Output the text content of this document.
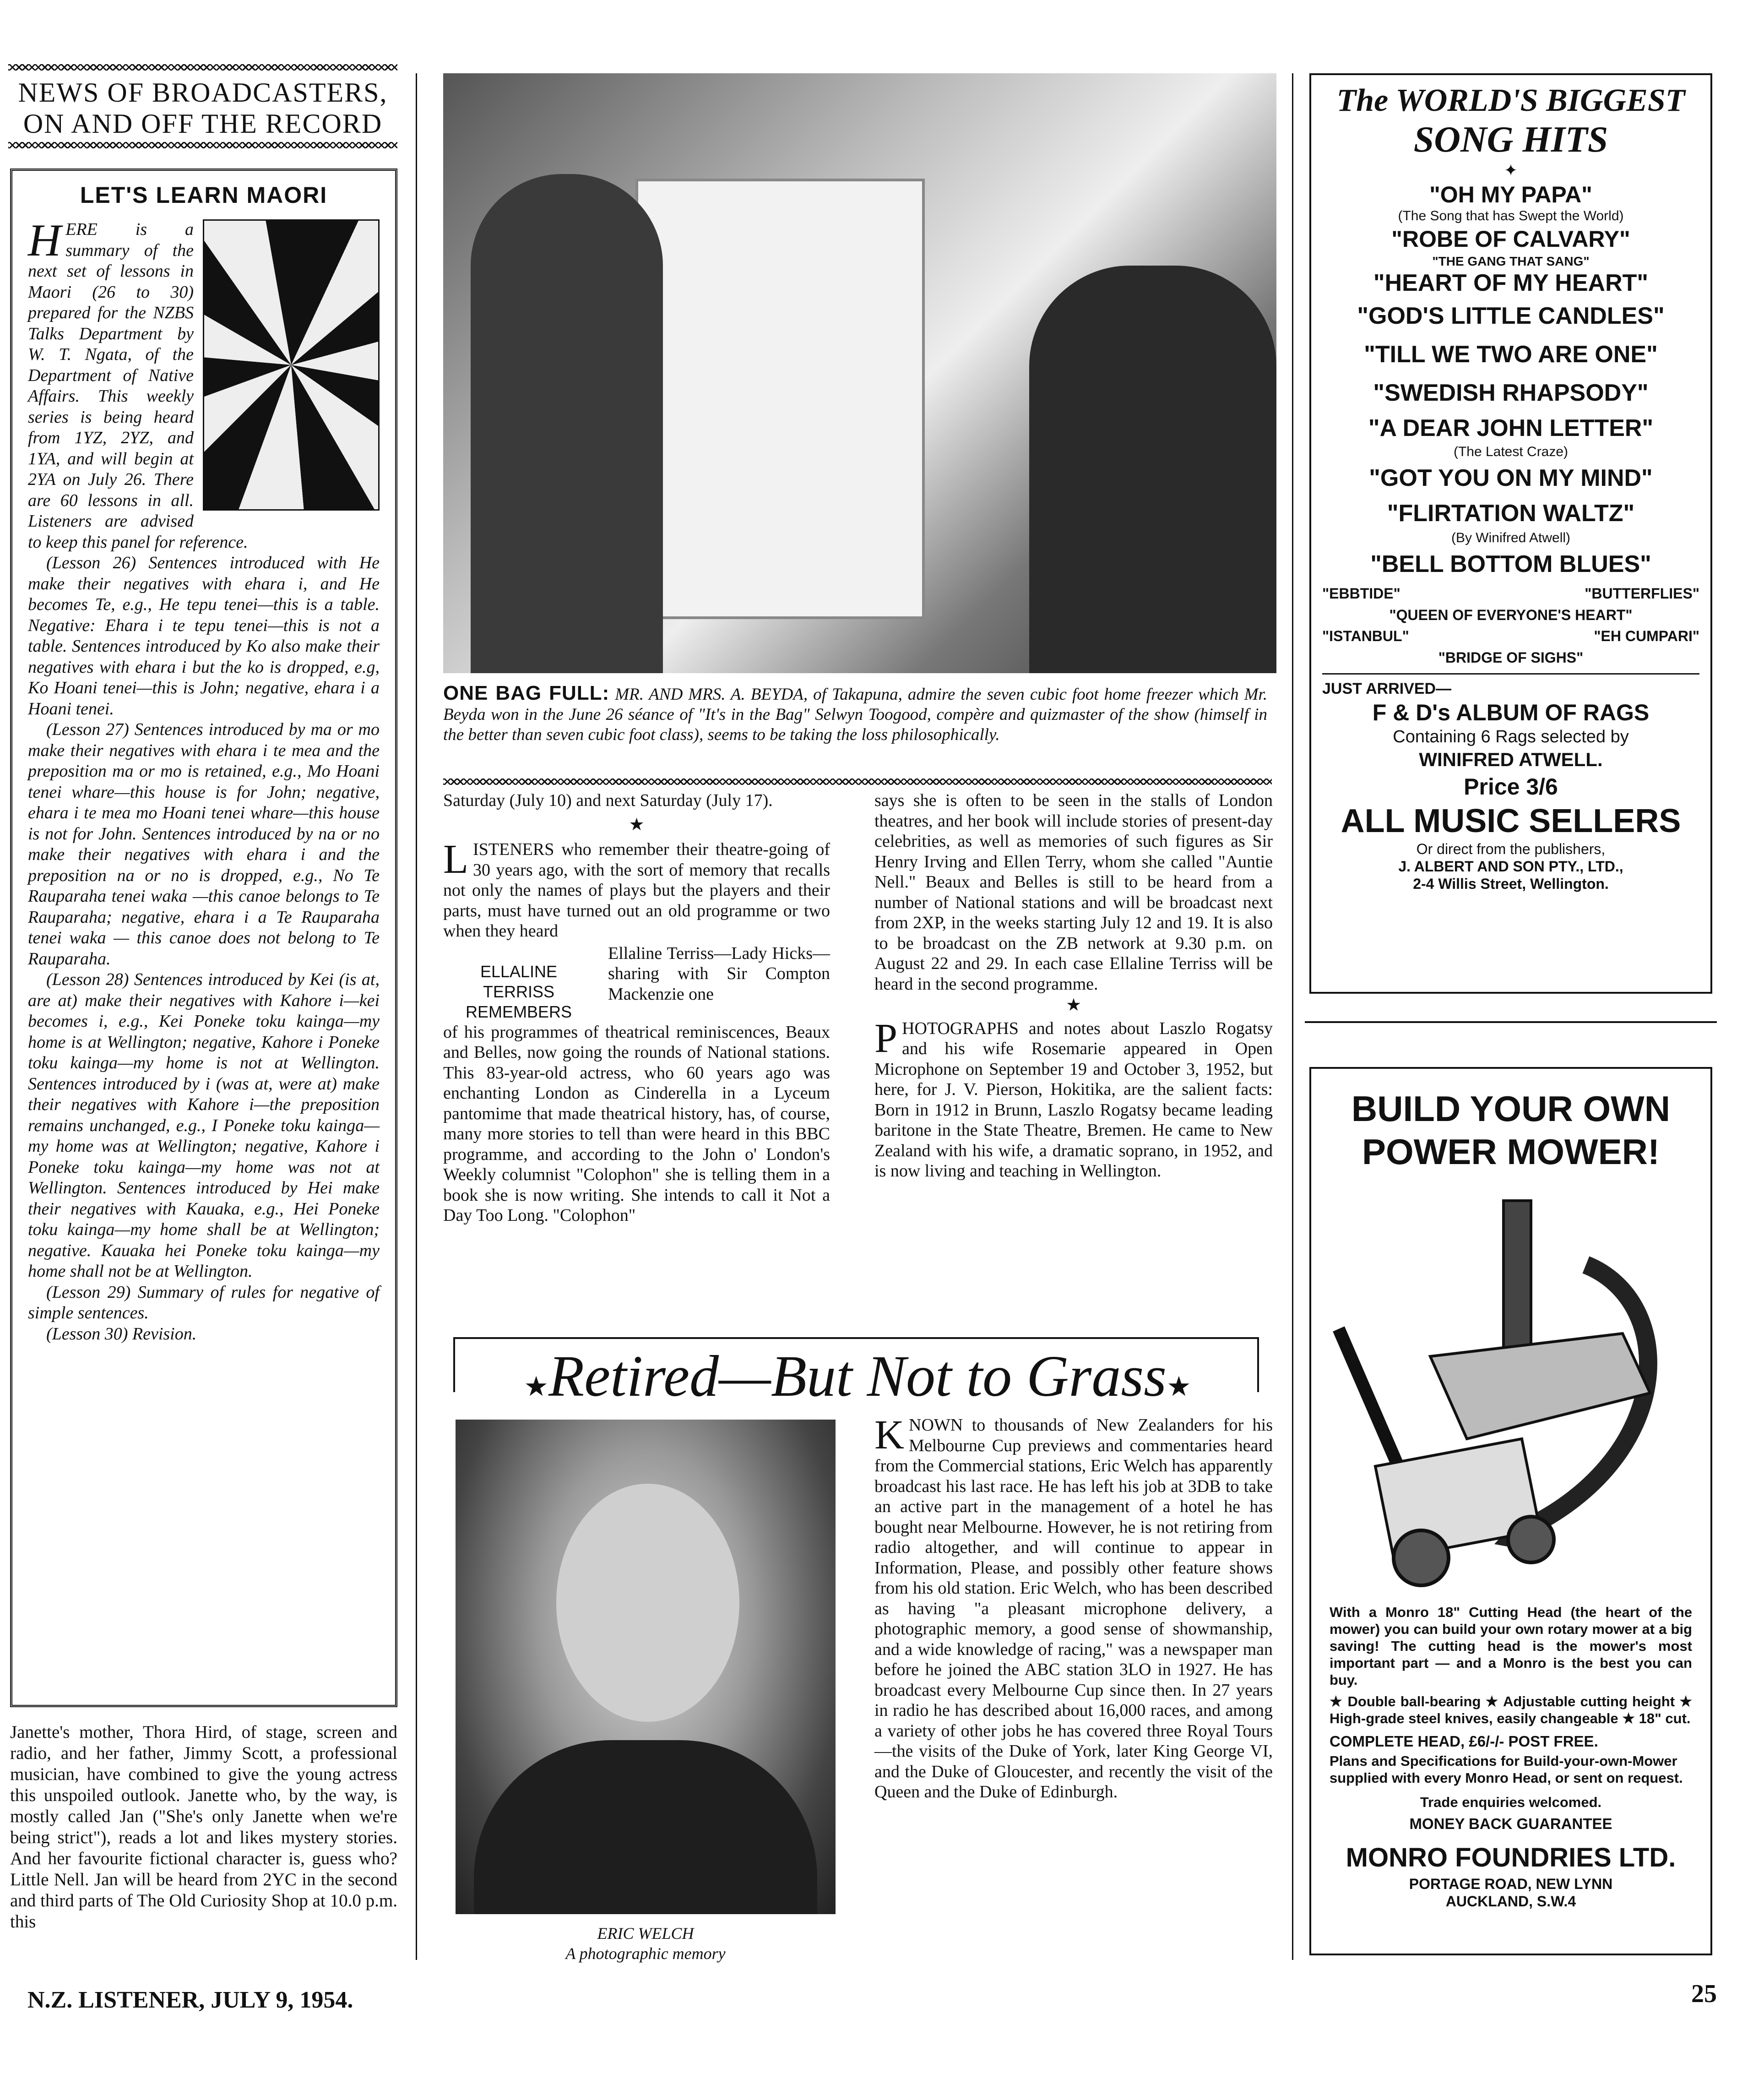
NEWS OF BROADCASTERS,
ON AND OFF THE RECORD
LET'S LEARN MAORI

HERE is a summary of the next set of lessons in Maori (26 to 30) prepared for the NZBS Talks Department by W. T. Ngata, of the Department of Native Affairs. This weekly series is being heard from 1YZ, 2YZ, and 1YA, and will begin at 2YA on July 26. There are 60 lessons in all. Listeners are advised to keep this panel for reference.

(Lesson 26) Sentences introduced with He make their negatives with ehara i, and He becomes Te, e.g., He tepu tenei—this is a table. Negative: Ehara i te tepu tenei—this is not a table. Sentences introduced by Ko also make their negatives with ehara i but the ko is dropped, e.g, Ko Hoani tenei—this is John; negative, ehara i a Hoani tenei.

(Lesson 27) Sentences introduced by ma or mo make their negatives with ehara i te mea and the preposition ma or mo is retained, e.g., Mo Hoani tenei whare—this house is for John; negative, ehara i te mea mo Hoani tenei whare—this house is not for John. Sentences introduced by na or no make their negatives with ehara i and the preposition na or no is dropped, e.g., No Te Rauparaha tenei waka —this canoe belongs to Te Rauparaha; negative, ehara i a Te Rauparaha tenei waka — this canoe does not belong to Te Rauparaha.

(Lesson 28) Sentences introduced by Kei (is at, are at) make their negatives with Kahore i—kei becomes i, e.g., Kei Poneke toku kainga—my home is at Wellington; negative, Kahore i Poneke toku kainga—my home is not at Wellington. Sentences introduced by i (was at, were at) make their negatives with Kahore i—the preposition remains unchanged, e.g., I Poneke toku kainga—my home was at Wellington; negative, Kahore i Poneke toku kainga—my home was not at Wellington. Sentences introduced by Hei make their negatives with Kauaka, e.g., Hei Poneke toku kainga—my home shall be at Wellington; negative. Kauaka hei Poneke toku kainga—my home shall not be at Wellington.

(Lesson 29) Summary of rules for negative of simple sentences.

(Lesson 30) Revision.

Janette's mother, Thora Hird, of stage, screen and radio, and her father, Jimmy Scott, a professional musician, have combined to give the young actress this unspoiled outlook. Janette who, by the way, is mostly called Jan ("She's only Janette when we're being strict"), reads a lot and likes mystery stories. And her favourite fictional character is, guess who? Little Nell. Jan will be heard from 2YC in the second and third parts of The Old Curiosity Shop at 10.0 p.m. this
ONE BAG FULL: MR. AND MRS. A. BEYDA, of Takapuna, admire the seven cubic foot home freezer which Mr. Beyda won in the June 26 séance of "It's in the Bag" Selwyn Toogood, compère and quizmaster of the show (himself in the better than seven cubic foot class), seems to be taking the loss philosophically.

Saturday (July 10) and next Saturday (July 17).

★

LISTENERS who remember their theatre-going of 30 years ago, with the sort of memory that recalls not only the names of plays but the players and their parts, must have turned out an old programme or two when they heard

ELLALINE TERRISS REMEMBERS
Ellaline Terriss—Lady Hicks—sharing with Sir Compton Mackenzie one

of his programmes of theatrical reminiscences, Beaux and Belles, now going the rounds of National stations. This 83-year-old actress, who 60 years ago was enchanting London as Cinderella in a Lyceum pantomime that made theatrical history, has, of course, many more stories to tell than were heard in this BBC programme, and according to the John o' London's Weekly columnist "Colophon" she is telling them in a book she is now writing. She intends to call it Not a Day Too Long. "Colophon"

says she is often to be seen in the stalls of London theatres, and her book will include stories of present-day celebrities, as well as memories of such figures as Sir Henry Irving and Ellen Terry, whom she called "Auntie Nell." Beaux and Belles is still to be heard from a number of National stations and will be broadcast next from 2XP, in the weeks starting July 12 and 19. It is also to be broadcast on the ZB network at 9.30 p.m. on August 22 and 29. In each case Ellaline Terriss will be heard in the second programme.

★

PHOTOGRAPHS and notes about Laszlo Rogatsy and his wife Rosemarie appeared in Open Microphone on September 19 and October 3, 1952, but here, for J. V. Pierson, Hokitika, are the salient facts: Born in 1912 in Brunn, Laszlo Rogatsy became leading baritone in the State Theatre, Bremen. He came to New Zealand with his wife, a dramatic soprano, in 1952, and is now living and teaching in Wellington.

★Retired—But Not to Grass★
ERIC WELCH
A photographic memory

KNOWN to thousands of New Zealanders for his Melbourne Cup previews and commentaries heard from the Commercial stations, Eric Welch has apparently broadcast his last race. He has left his job at 3DB to take an active part in the management of a hotel he has bought near Melbourne. However, he is not retiring from radio altogether, and will continue to appear in Information, Please, and possibly other feature shows from his old station. Eric Welch, who has been described as having "a pleasant microphone delivery, a photographic memory, a good sense of showmanship, and a wide knowledge of racing," was a newspaper man before he joined the ABC station 3LO in 1927. He has broadcast every Melbourne Cup since then. In 27 years in radio he has described about 16,000 races, and among a variety of other jobs he has covered three Royal Tours—the visits of the Duke of York, later King George VI, and the Duke of Gloucester, and recently the visit of the Queen and the Duke of Edinburgh.

The WORLD'S BIGGEST
SONG HITS
✦
"OH MY PAPA"
(The Song that has Swept the World)
"ROBE OF CALVARY"
"THE GANG THAT SANG"
"HEART OF MY HEART"
"GOD'S LITTLE CANDLES"
"TILL WE TWO ARE ONE"
"SWEDISH RHAPSODY"
"A DEAR JOHN LETTER"
(The Latest Craze)
"GOT YOU ON MY MIND"
"FLIRTATION WALTZ"
(By Winifred Atwell)
"BELL BOTTOM BLUES"
"EBBTIDE"	"BUTTERFLIES"
"QUEEN OF EVERYONE'S HEART"
"ISTANBUL"	"EH CUMPARI"
"BRIDGE OF SIGHS"
JUST ARRIVED—
F & D's ALBUM OF RAGS
Containing 6 Rags selected by
WINIFRED ATWELL.
Price 3/6
ALL MUSIC SELLERS
Or direct from the publishers,
J. ALBERT AND SON PTY., LTD.,
2-4 Willis Street, Wellington.
BUILD YOUR OWN
POWER MOWER!
With a Monro 18" Cutting Head (the heart of the mower) you can build your own rotary mower at a big saving! The cutting head is the mower's most important part — and a Monro is the best you can buy.
★ Double ball-bearing ★ Adjustable cutting height ★ High-grade steel knives, easily changeable ★ 18" cut.
COMPLETE HEAD, £6/-/- POST FREE.
Plans and Specifications for Build-your-own-Mower supplied with every Monro Head, or sent on request.
Trade enquiries welcomed.
MONEY BACK GUARANTEE
MONRO FOUNDRIES LTD.
PORTAGE ROAD, NEW LYNN
AUCKLAND, S.W.4
N.Z. LISTENER, JULY 9, 1954.	25
